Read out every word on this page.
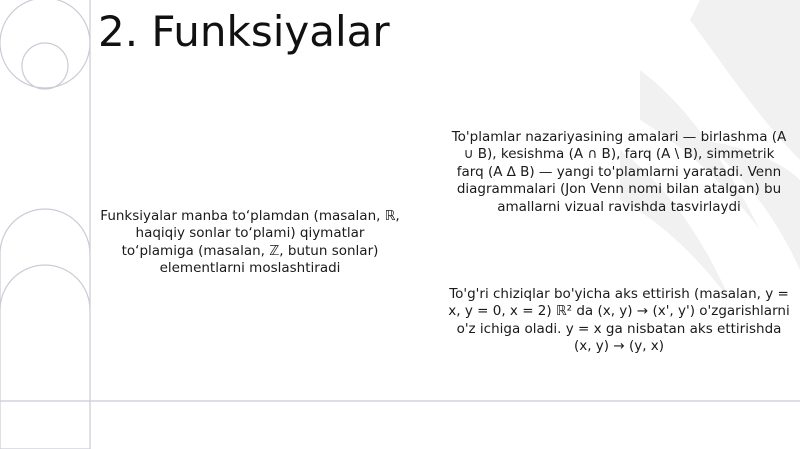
2. Funksiyalar
Funksiyalar manba to‘plamdan (masalan, ℝ, haqiqiy sonlar to‘plami) qiymatlar to‘plamiga (masalan, ℤ, butun sonlar) elementlarni moslashtiradi
To'plamlar nazariyasining amalari — birlashma (A ∪ B), kesishma (A ∩ B), farq (A \ B), simmetrik farq (A ∆ B) — yangi to'plamlarni yaratadi. Venn diagrammalari (Jon Venn nomi bilan atalgan) bu amallarni vizual ravishda tasvirlaydi
To'g'ri chiziqlar bo'yicha aks ettirish (masalan, y = x, y = 0, x = 2) ℝ² da (x, y) → (x', y') o'zgarishlarni o'z ichiga oladi. y = x ga nisbatan aks ettirishda (x, y) → (y, x)
